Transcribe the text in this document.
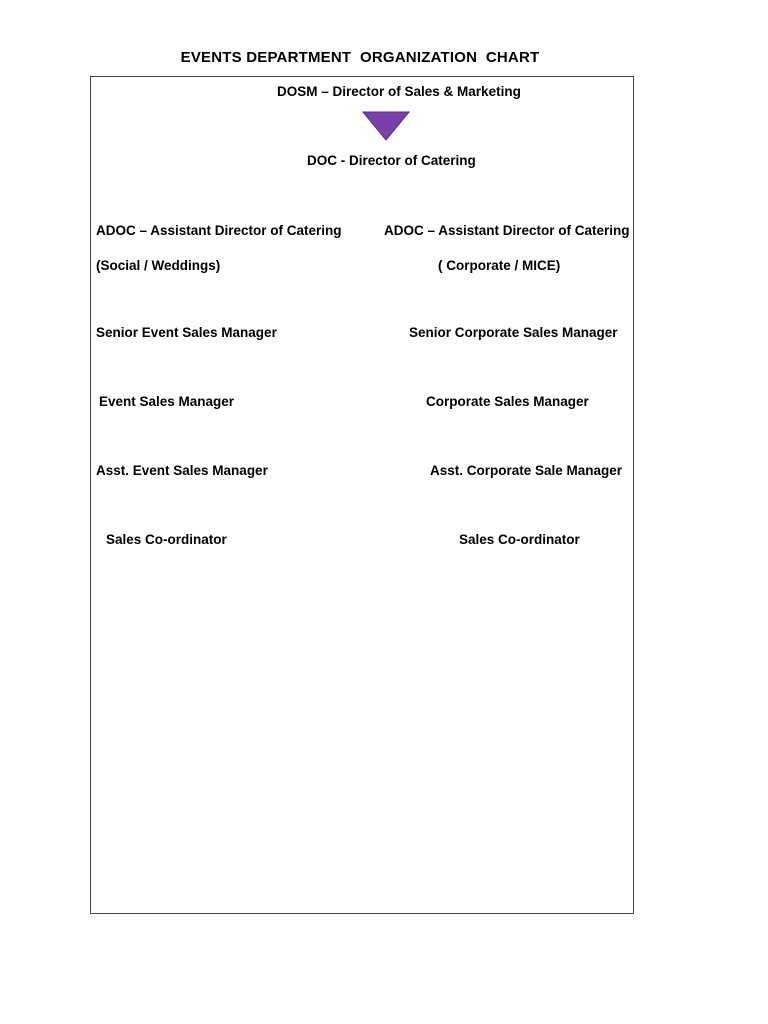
EVENTS DEPARTMENT  ORGANIZATION  CHART
DOSM – Director of Sales & Marketing
DOC - Director of Catering
ADOC – Assistant Director of Catering
(Social / Weddings)
ADOC – Assistant Director of Catering
( Corporate / MICE)
Senior Event Sales Manager	Senior Corporate Sales Manager
Event Sales Manager	Corporate Sales Manager
Asst. Event Sales Manager	Asst. Corporate Sale Manager
Sales Co-ordinator	Sales Co-ordinator
